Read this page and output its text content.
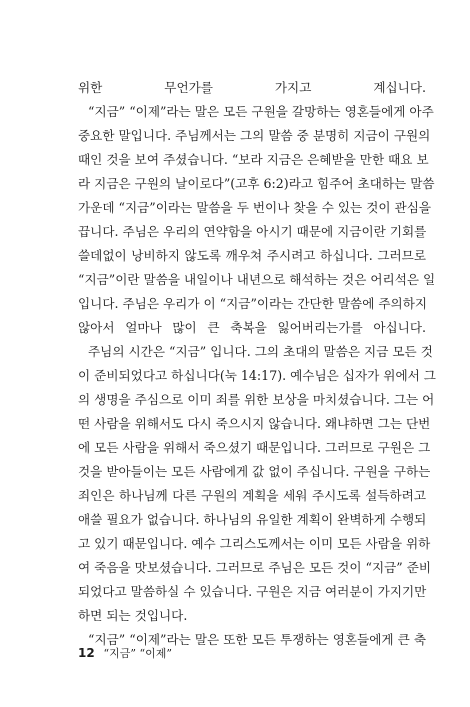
위한 무언가를 가지고 계십니다.
“지금” “이제”라는 말은 모든 구원을 갈망하는 영혼들에게 아주
중요한 말입니다. 주님께서는 그의 말씀 중 분명히 지금이 구원의
때인 것을 보여 주셨습니다. “보라 지금은 은혜받을 만한 때요 보
라 지금은 구원의 날이로다”(고후 6:2)라고 힘주어 초대하는 말씀
가운데 “지금”이라는 말씀을 두 번이나 찾을 수 있는 것이 관심을
끕니다. 주님은 우리의 연약함을 아시기 때문에 지금이란 기회를
쓸데없이 낭비하지 않도록 깨우쳐 주시려고 하십니다. 그러므로
“지금”이란 말씀을 내일이나 내년으로 해석하는 것은 어리석은 일
입니다. 주님은 우리가 이 “지금”이라는 간단한 말씀에 주의하지
않아서 얼마나 많이 큰 축복을 잃어버리는가를 아십니다.
주님의 시간은 “지금” 입니다. 그의 초대의 말씀은 지금 모든 것
이 준비되었다고 하십니다(눅 14:17). 예수님은 십자가 위에서 그
의 생명을 주심으로 이미 죄를 위한 보상을 마치셨습니다. 그는 어
떤 사람을 위해서도 다시 죽으시지 않습니다. 왜냐하면 그는 단번
에 모든 사람을 위해서 죽으셨기 때문입니다. 그러므로 구원은 그
것을 받아들이는 모든 사람에게 값 없이 주십니다. 구원을 구하는
죄인은 하나님께 다른 구원의 계획을 세워 주시도록 설득하려고
애쓸 필요가 없습니다. 하나님의 유일한 계획이 완벽하게 수행되
고 있기 때문입니다. 예수 그리스도께서는 이미 모든 사람을 위하
여 죽음을 맛보셨습니다. 그러므로 주님은 모든 것이 “지금” 준비
되었다고 말씀하실 수 있습니다. 구원은 지금 여러분이 가지기만
하면 되는 것입니다.
“지금” “이제”라는 말은 또한 모든 투쟁하는 영혼들에게 큰 축
12 “지금” “이제”
